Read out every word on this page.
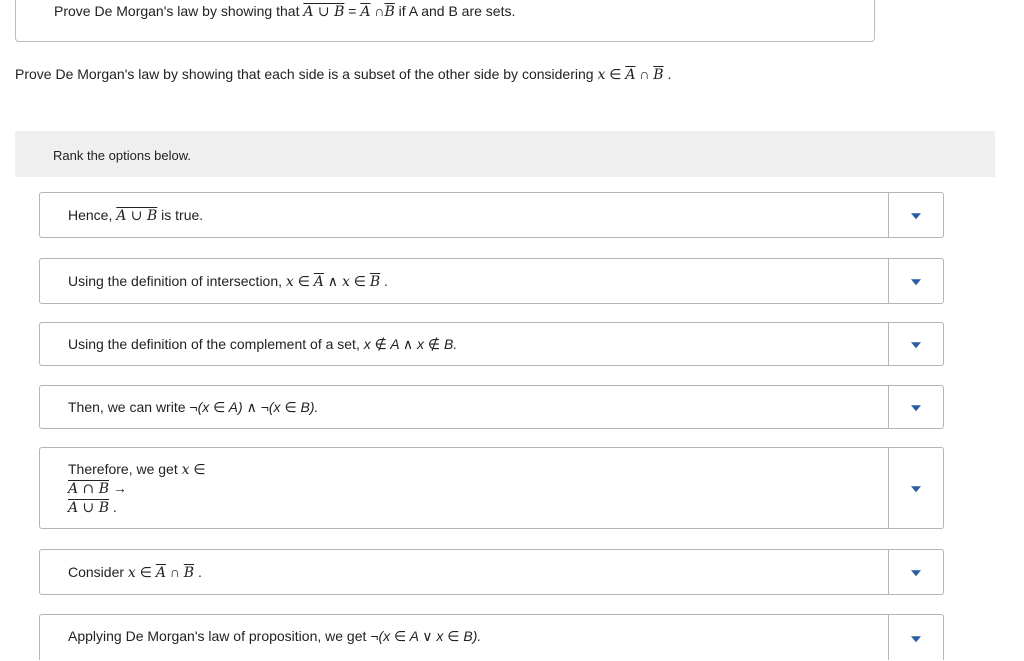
Prove De Morgan's law by showing that A ∪ $B = \overline{A}$ $\cap\overline{B}$ if A and B are sets.
Prove De Morgan's law by showing that each side is a subset of the other side by considering x ∈ $\overline{A}$ ∩ $\overline{B}$ .
Rank the options below.
Hence, A ∪ B is true.
Using the definition of intersection, x ∈ $\overline{A}$ ∧ x ∈ $\overline{B}$ .
Using the definition of the complement of a set, x ∉ A ∧ x ∉ B.
Then, we can write ¬(x ∈ A) ∧ ¬(x ∈ B).
Therefore, we get x ∈
A ∩ B →
A ∪ B .
Consider x ∈ $\overline{A}$ ∩ $\overline{B}$ .
Applying De Morgan's law of proposition, we get ¬(x ∈ A ∨ x ∈ B).
